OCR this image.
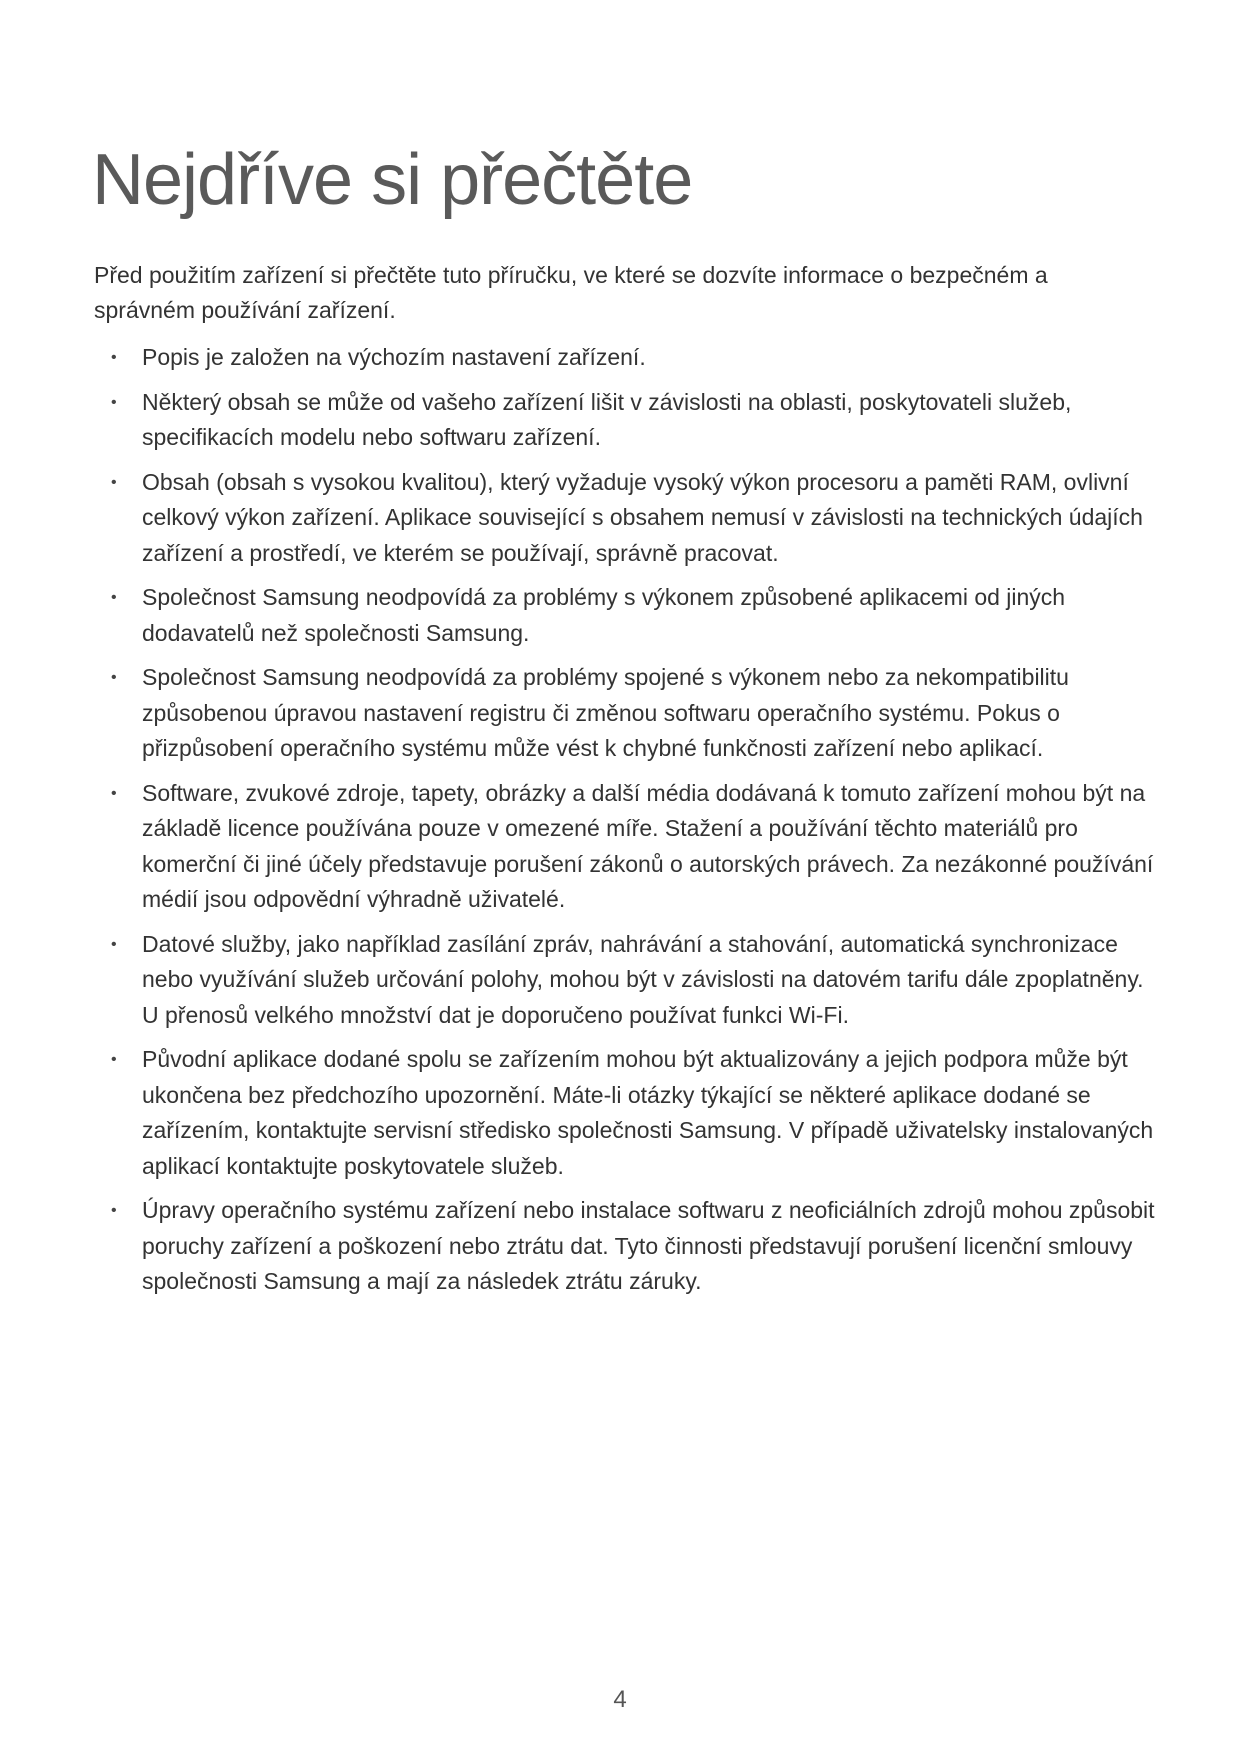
Nejdříve si přečtěte

Před použitím zařízení si přečtěte tuto příručku, ve které se dozvíte informace o bezpečném a správném používání zařízení.

• Popis je založen na výchozím nastavení zařízení.
• Některý obsah se může od vašeho zařízení lišit v závislosti na oblasti, poskytovateli služeb, specifikacích modelu nebo softwaru zařízení.
• Obsah (obsah s vysokou kvalitou), který vyžaduje vysoký výkon procesoru a paměti RAM, ovlivní celkový výkon zařízení. Aplikace související s obsahem nemusí v závislosti na technických údajích zařízení a prostředí, ve kterém se používají, správně pracovat.
• Společnost Samsung neodpovídá za problémy s výkonem způsobené aplikacemi od jiných dodavatelů než společnosti Samsung.
• Společnost Samsung neodpovídá za problémy spojené s výkonem nebo za nekompatibilitu způsobenou úpravou nastavení registru či změnou softwaru operačního systému. Pokus o přizpůsobení operačního systému může vést k chybné funkčnosti zařízení nebo aplikací.
• Software, zvukové zdroje, tapety, obrázky a další média dodávaná k tomuto zařízení mohou být na základě licence používána pouze v omezené míře. Stažení a používání těchto materiálů pro komerční či jiné účely představuje porušení zákonů o autorských právech. Za nezákonné používání médií jsou odpovědní výhradně uživatelé.
• Datové služby, jako například zasílání zpráv, nahrávání a stahování, automatická synchronizace nebo využívání služeb určování polohy, mohou být v závislosti na datovém tarifu dále zpoplatněny. U přenosů velkého množství dat je doporučeno používat funkci Wi-Fi.
• Původní aplikace dodané spolu se zařízením mohou být aktualizovány a jejich podpora může být ukončena bez předchozího upozornění. Máte-li otázky týkající se některé aplikace dodané se zařízením, kontaktujte servisní středisko společnosti Samsung. V případě uživatelsky instalovaných aplikací kontaktujte poskytovatele služeb.
• Úpravy operačního systému zařízení nebo instalace softwaru z neoficiálních zdrojů mohou způsobit poruchy zařízení a poškození nebo ztrátu dat. Tyto činnosti představují porušení licenční smlouvy společnosti Samsung a mají za následek ztrátu záruky.
4
